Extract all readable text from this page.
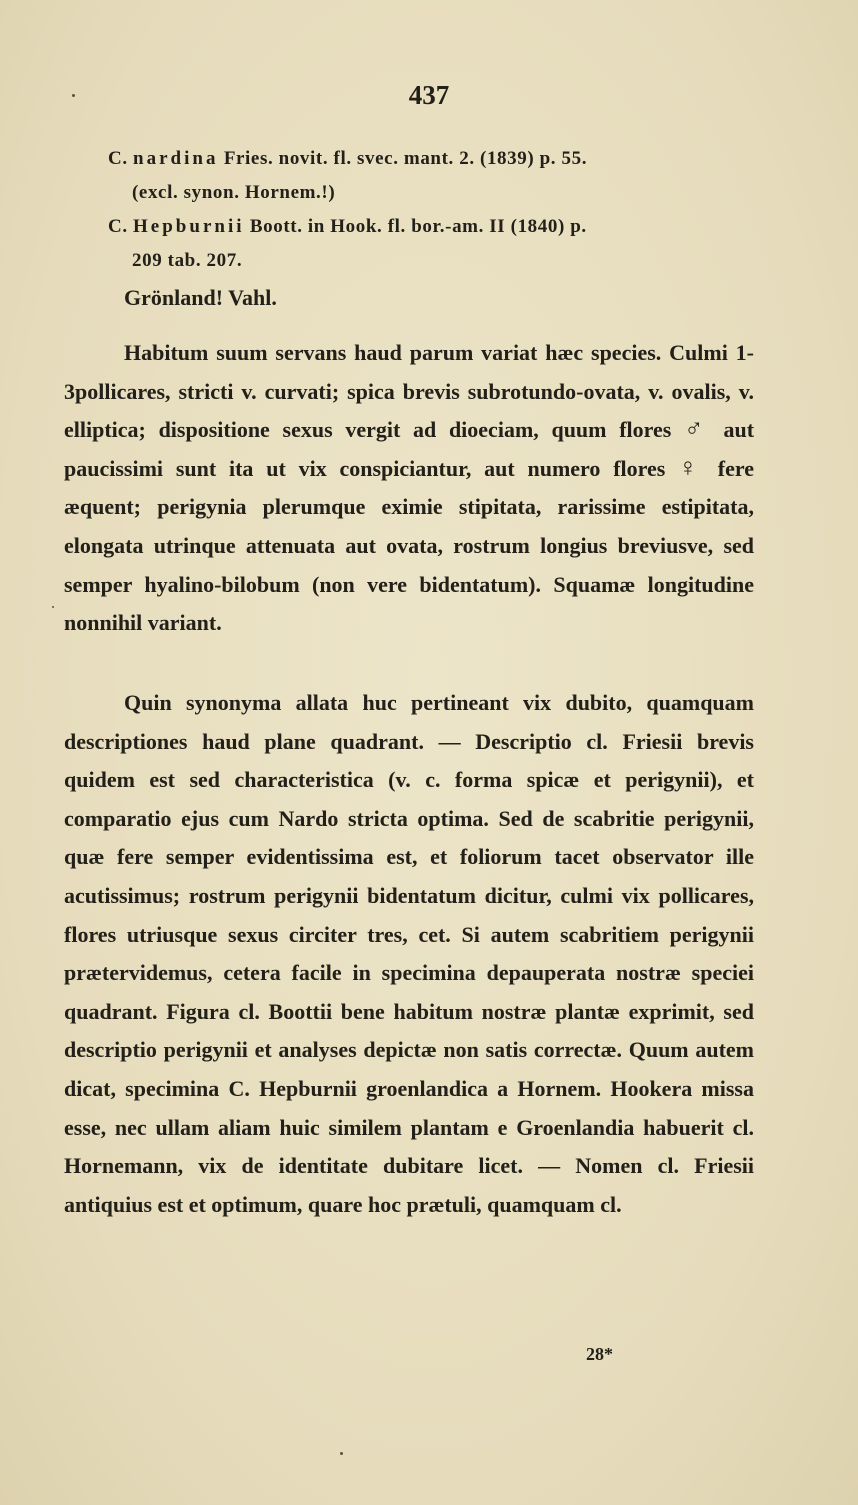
437
C. nardina Fries. novit. fl. svec. mant. 2. (1839) p. 55.
(excl. synon. Hornem.!)
C. Hepburnii Boott. in Hook. fl. bor.-am. II (1840) p.
209 tab. 207.
Grönland! Vahl.
Habitum suum servans haud parum variat hæc species. Culmi 1-3pollicares, stricti v. curvati; spica brevis subrotundo-ovata, v. ovalis, v. elliptica; dispositione sexus vergit ad dioeciam, quum flores ♂ aut paucissimi sunt ita ut vix conspiciantur, aut numero flores ♀ fere æquent; perigynia plerumque eximie stipitata, rarissime estipitata, elongata utrinque attenuata aut ovata, rostrum longius breviusve, sed semper hyalino-bilobum (non vere bidentatum). Squamæ longitudine nonnihil variant.
Quin synonyma allata huc pertineant vix dubito, quamquam descriptiones haud plane quadrant. — Descriptio cl. Friesii brevis quidem est sed characteristica (v. c. forma spicæ et perigynii), et comparatio ejus cum Nardo stricta optima. Sed de scabritie perigynii, quæ fere semper evidentissima est, et foliorum tacet observator ille acutissimus; rostrum perigynii bidentatum dicitur, culmi vix pollicares, flores utriusque sexus circiter tres, cet. Si autem scabritiem perigynii prætervidemus, cetera facile in specimina depauperata nostræ speciei quadrant. Figura cl. Boottii bene habitum nostræ plantæ exprimit, sed descriptio perigynii et analyses depictæ non satis correctæ. Quum autem dicat, specimina C. Hepburnii groenlandica a Hornem. Hookera missa esse, nec ullam aliam huic similem plantam e Groenlandia habuerit cl. Hornemann, vix de identitate dubitare licet. — Nomen cl. Friesii antiquius est et optimum, quare hoc prætuli, quamquam cl.
28*
